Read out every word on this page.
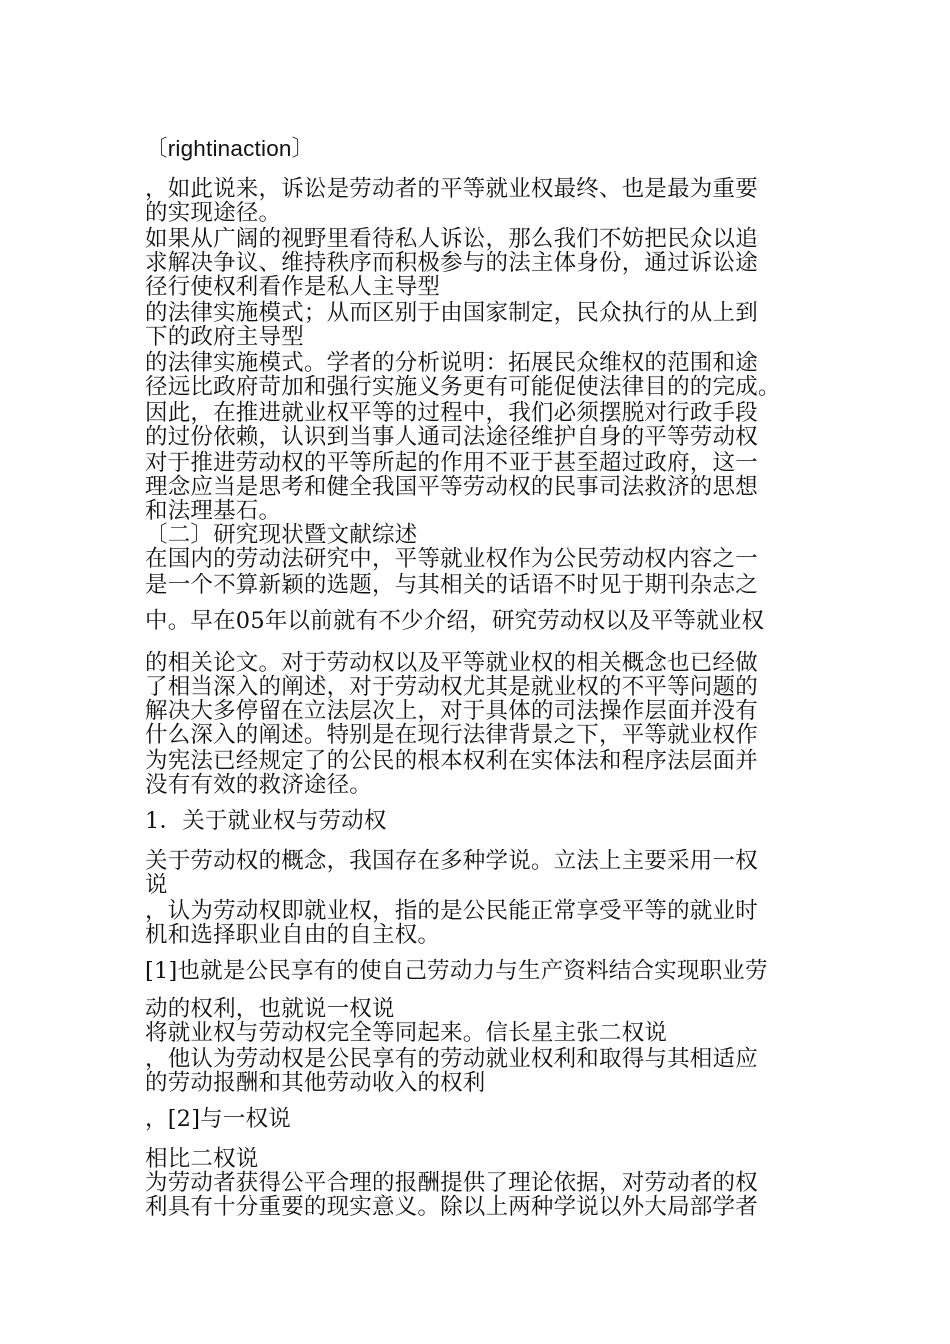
〔rightinaction〕
，如此说来，诉讼是劳动者的平等就业权最终、也是最为重要
的实现途径。
如果从广阔的视野里看待私人诉讼，那么我们不妨把民众以追
求解决争议、维持秩序而积极参与的法主体身份，通过诉讼途
径行使权利看作是私人主导型
的法律实施模式；从而区别于由国家制定，民众执行的从上到
下的政府主导型
的法律实施模式。学者的分析说明：拓展民众维权的范围和途
径远比政府苛加和强行实施义务更有可能促使法律目的的完成。
因此，在推进就业权平等的过程中，我们必须摆脱对行政手段
的过份依赖，认识到当事人通司法途径维护自身的平等劳动权
对于推进劳动权的平等所起的作用不亚于甚至超过政府，这一
理念应当是思考和健全我国平等劳动权的民事司法救济的思想
和法理基石。
〔二〕研究现状暨文献综述
在国内的劳动法研究中，平等就业权作为公民劳动权内容之一
是一个不算新颖的选题，与其相关的话语不时见于期刊杂志之
中。早在05年以前就有不少介绍，研究劳动权以及平等就业权
的相关论文。对于劳动权以及平等就业权的相关概念也已经做
了相当深入的阐述，对于劳动权尤其是就业权的不平等问题的
解决大多停留在立法层次上，对于具体的司法操作层面并没有
什么深入的阐述。特别是在现行法律背景之下，平等就业权作
为宪法已经规定了的公民的根本权利在实体法和程序法层面并
没有有效的救济途径。
1．关于就业权与劳动权
关于劳动权的概念，我国存在多种学说。立法上主要采用一权
说
，认为劳动权即就业权，指的是公民能正常享受平等的就业时
机和选择职业自由的自主权。
[1]也就是公民享有的使自己劳动力与生产资料结合实现职业劳
动的权利，也就说一权说
将就业权与劳动权完全等同起来。信长星主张二权说
，他认为劳动权是公民享有的劳动就业权利和取得与其相适应
的劳动报酬和其他劳动收入的权利
，[2]与一权说
相比二权说
为劳动者获得公平合理的报酬提供了理论依据，对劳动者的权
利具有十分重要的现实意义。除以上两种学说以外大局部学者
